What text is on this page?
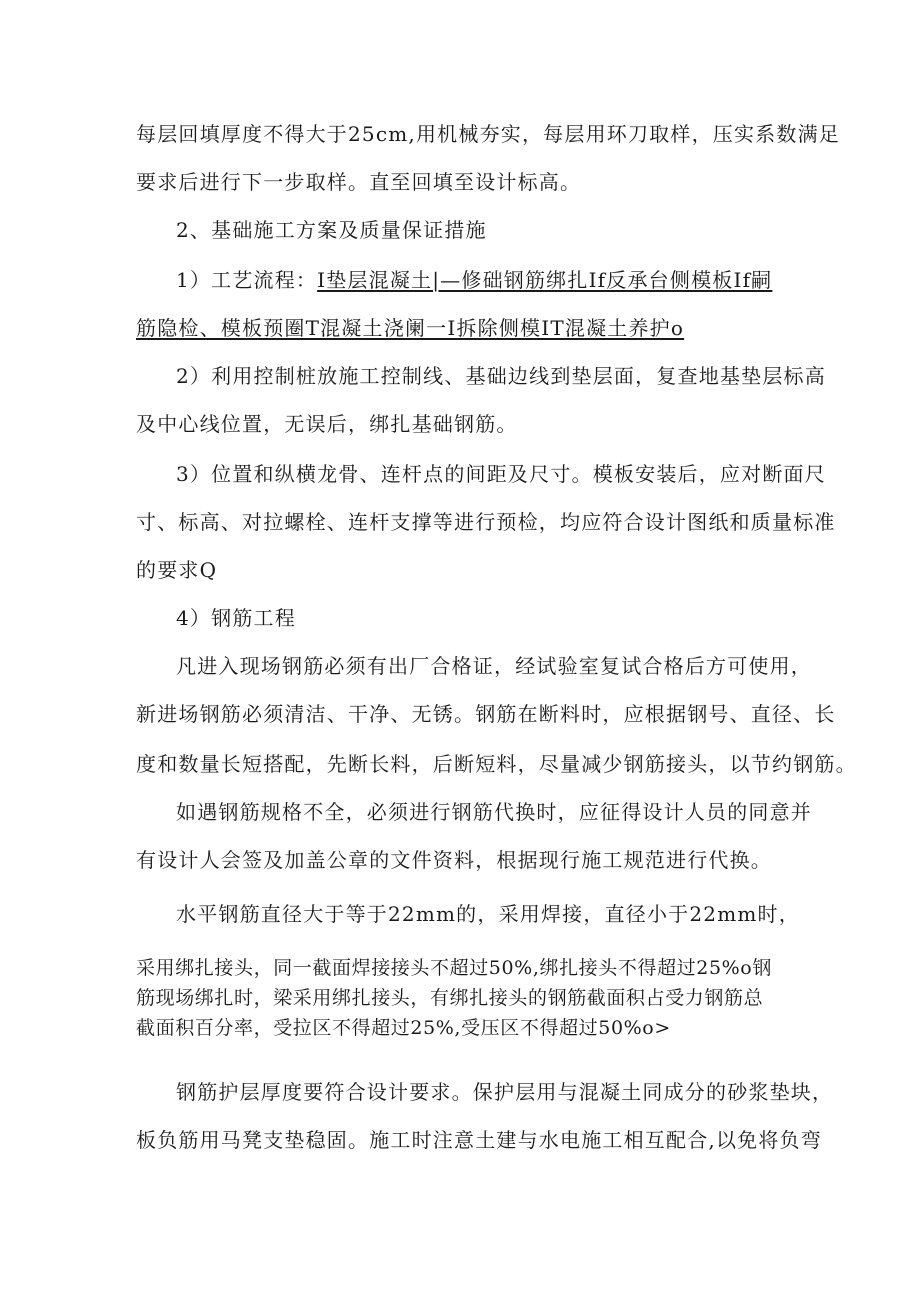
每层回填厚度不得大于25cm,用机械夯实，每层用环刀取样，压实系数满足
要求后进行下一步取样。直至回填至设计标高。
2、基础施工方案及质量保证措施
1）工艺流程：I垫层混凝土|—修础钢筋绑扎If反承台侧模板If嗣
筋隐检、模板预圈T混凝土浇阑一I拆除侧模IT混凝土养护o
2）利用控制桩放施工控制线、基础边线到垫层面，复查地基垫层标高
及中心线位置，无误后，绑扎基础钢筋。
3）位置和纵横龙骨、连杆点的间距及尺寸。模板安装后，应对断面尺
寸、标高、对拉螺栓、连杆支撑等进行预检，均应符合设计图纸和质量标准
的要求Q
4）钢筋工程
凡进入现场钢筋必须有出厂合格证，经试验室复试合格后方可使用，
新进场钢筋必须清洁、干净、无锈。钢筋在断料时，应根据钢号、直径、长
度和数量长短搭配，先断长料，后断短料，尽量减少钢筋接头，以节约钢筋。
如遇钢筋规格不全，必须进行钢筋代换时，应征得设计人员的同意并
有设计人会签及加盖公章的文件资料，根据现行施工规范进行代换。
水平钢筋直径大于等于22mm的，采用焊接，直径小于22mm时，
采用绑扎接头，同一截面焊接接头不超过50%,绑扎接头不得超过25%o钢
筋现场绑扎时，梁采用绑扎接头，有绑扎接头的钢筋截面积占受力钢筋总
截面积百分率，受拉区不得超过25%,受压区不得超过50%o>
钢筋护层厚度要符合设计要求。保护层用与混凝土同成分的砂浆垫块，
板负筋用马凳支垫稳固。施工时注意土建与水电施工相互配合,以免将负弯
